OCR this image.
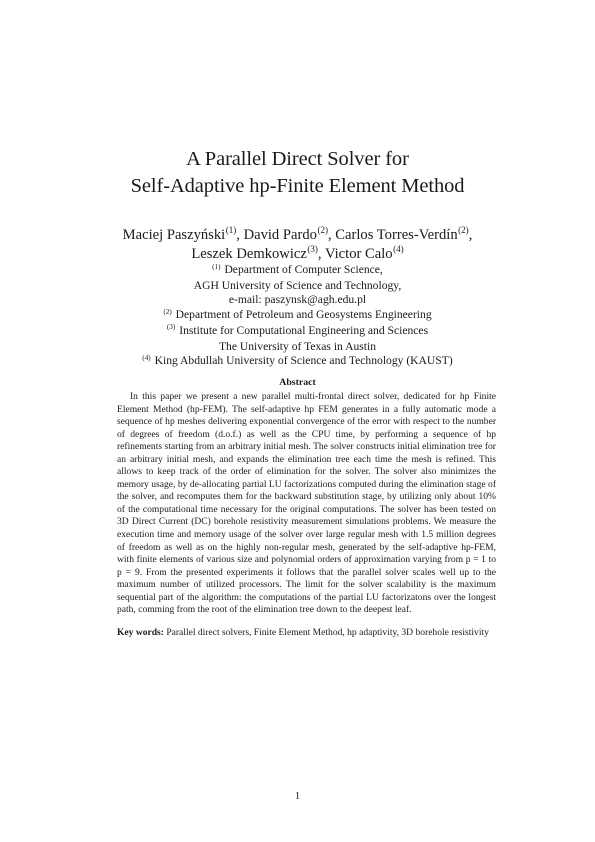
A Parallel Direct Solver for
Self-Adaptive hp-Finite Element Method
Maciej Paszyński$^{(1)}$, David Pardo$^{(2)}$, Carlos Torres-Verdín$^{(2)}$,
Leszek Demkowicz$^{(3)}$, Victor Calo$^{(4)}$
$^{(1)}$ Department of Computer Science,
AGH University of Science and Technology,
e-mail: paszynsk@agh.edu.pl
$^{(2)}$ Department of Petroleum and Geosystems Engineering
$^{(3)}$ Institute for Computational Engineering and Sciences
The University of Texas in Austin
$^{(4)}$ King Abdullah University of Science and Technology (KAUST)
Abstract

In this paper we present a new parallel multi-frontal direct solver, dedicated for hp Finite Element Method (hp-FEM). The self-adaptive hp FEM generates in a fully automatic mode a sequence of hp meshes delivering exponential convergence of the error with respect to the number of degrees of freedom (d.o.f.) as well as the CPU time, by performing a sequence of hp refinements starting from an arbitrary initial mesh. The solver constructs initial elimination tree for an arbitrary initial mesh, and expands the elimination tree each time the mesh is refined. This allows to keep track of the order of elimination for the solver. The solver also minimizes the memory usage, by de-allocating partial LU factorizations computed during the elimination stage of the solver, and recomputes them for the backward substitution stage, by utilizing only about 10% of the computational time necessary for the original computations. The solver has been tested on 3D Direct Current (DC) borehole resistivity measurement simulations problems. We measure the execution time and memory usage of the solver over large regular mesh with 1.5 million degrees of freedom as well as on the highly non-regular mesh, generated by the self-adaptive hp-FEM, with finite elements of various size and polynomial orders of approximation varying from p = 1 to p = 9. From the presented experiments it follows that the parallel solver scales well up to the maximum number of utilized processors. The limit for the solver scalability is the maximum sequential part of the algorithm: the computations of the partial LU factorizatons over the longest path, comming from the root of the elimination tree down to the deepest leaf.

Key words: Parallel direct solvers, Finite Element Method, hp adaptivity, 3D borehole resistivity

1
